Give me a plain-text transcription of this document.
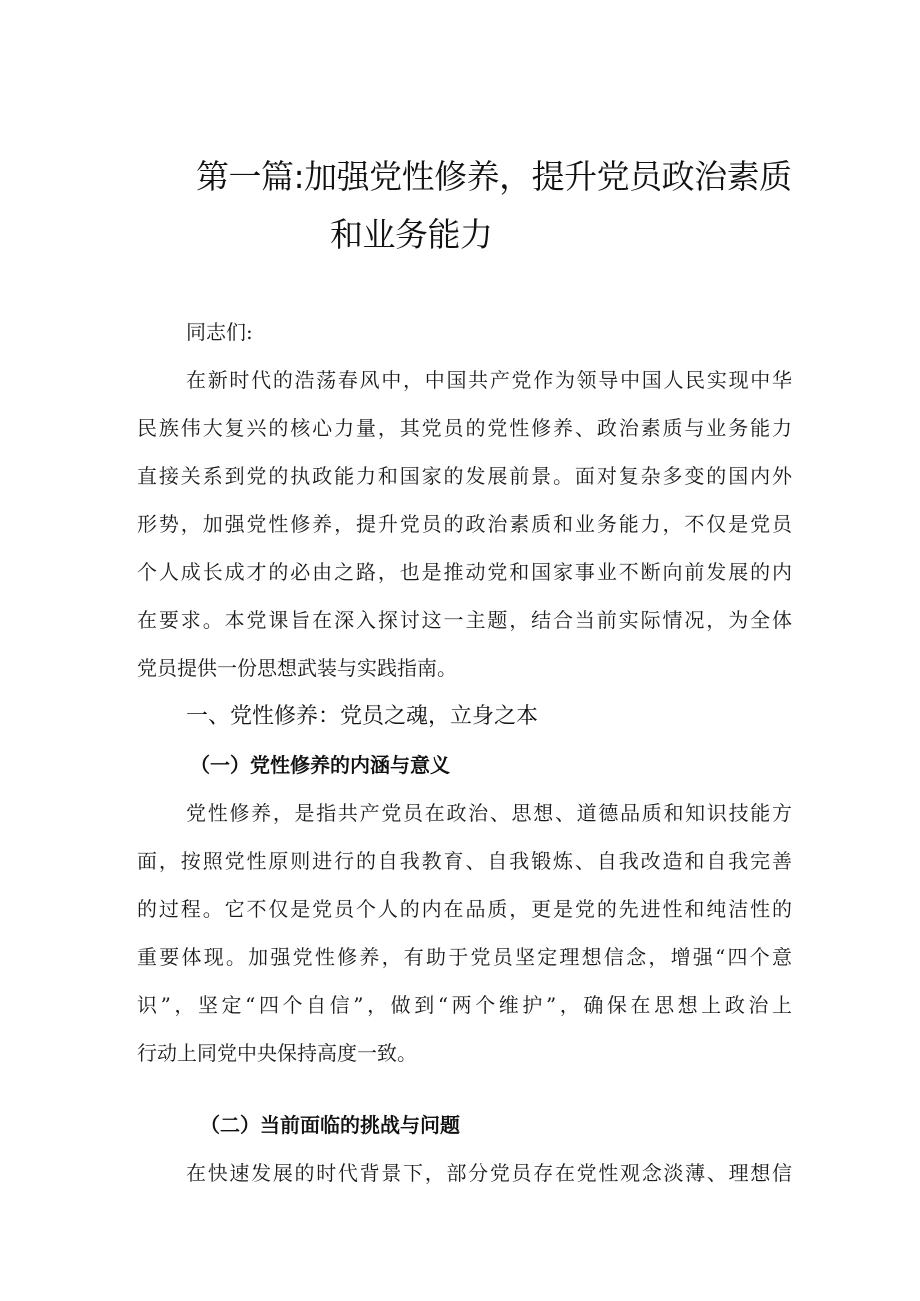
第一篇:加强党性修养，提升党员政治素质
和业务能力
同志们:
在新时代的浩荡春风中，中国共产党作为领导中国人民实现中华
民族伟大复兴的核心力量，其党员的党性修养、政治素质与业务能力
直接关系到党的执政能力和国家的发展前景。面对复杂多变的国内外
形势，加强党性修养，提升党员的政治素质和业务能力，不仅是党员
个人成长成才的必由之路，也是推动党和国家事业不断向前发展的内
在要求。本党课旨在深入探讨这一主题，结合当前实际情况，为全体
党员提供一份思想武装与实践指南。
一、党性修养：党员之魂，立身之本
（一）党性修养的内涵与意义
党性修养，是指共产党员在政治、思想、道德品质和知识技能方
面，按照党性原则进行的自我教育、自我锻炼、自我改造和自我完善
的过程。它不仅是党员个人的内在品质，更是党的先进性和纯洁性的
重要体现。加强党性修养，有助于党员坚定理想信念，增强“四个意
识”，坚定“四个自信”，做到“两个维护”，确保在思想上政治上
行动上同党中央保持高度一致。
（二）当前面临的挑战与问题
在快速发展的时代背景下，部分党员存在党性观念淡薄、理想信
